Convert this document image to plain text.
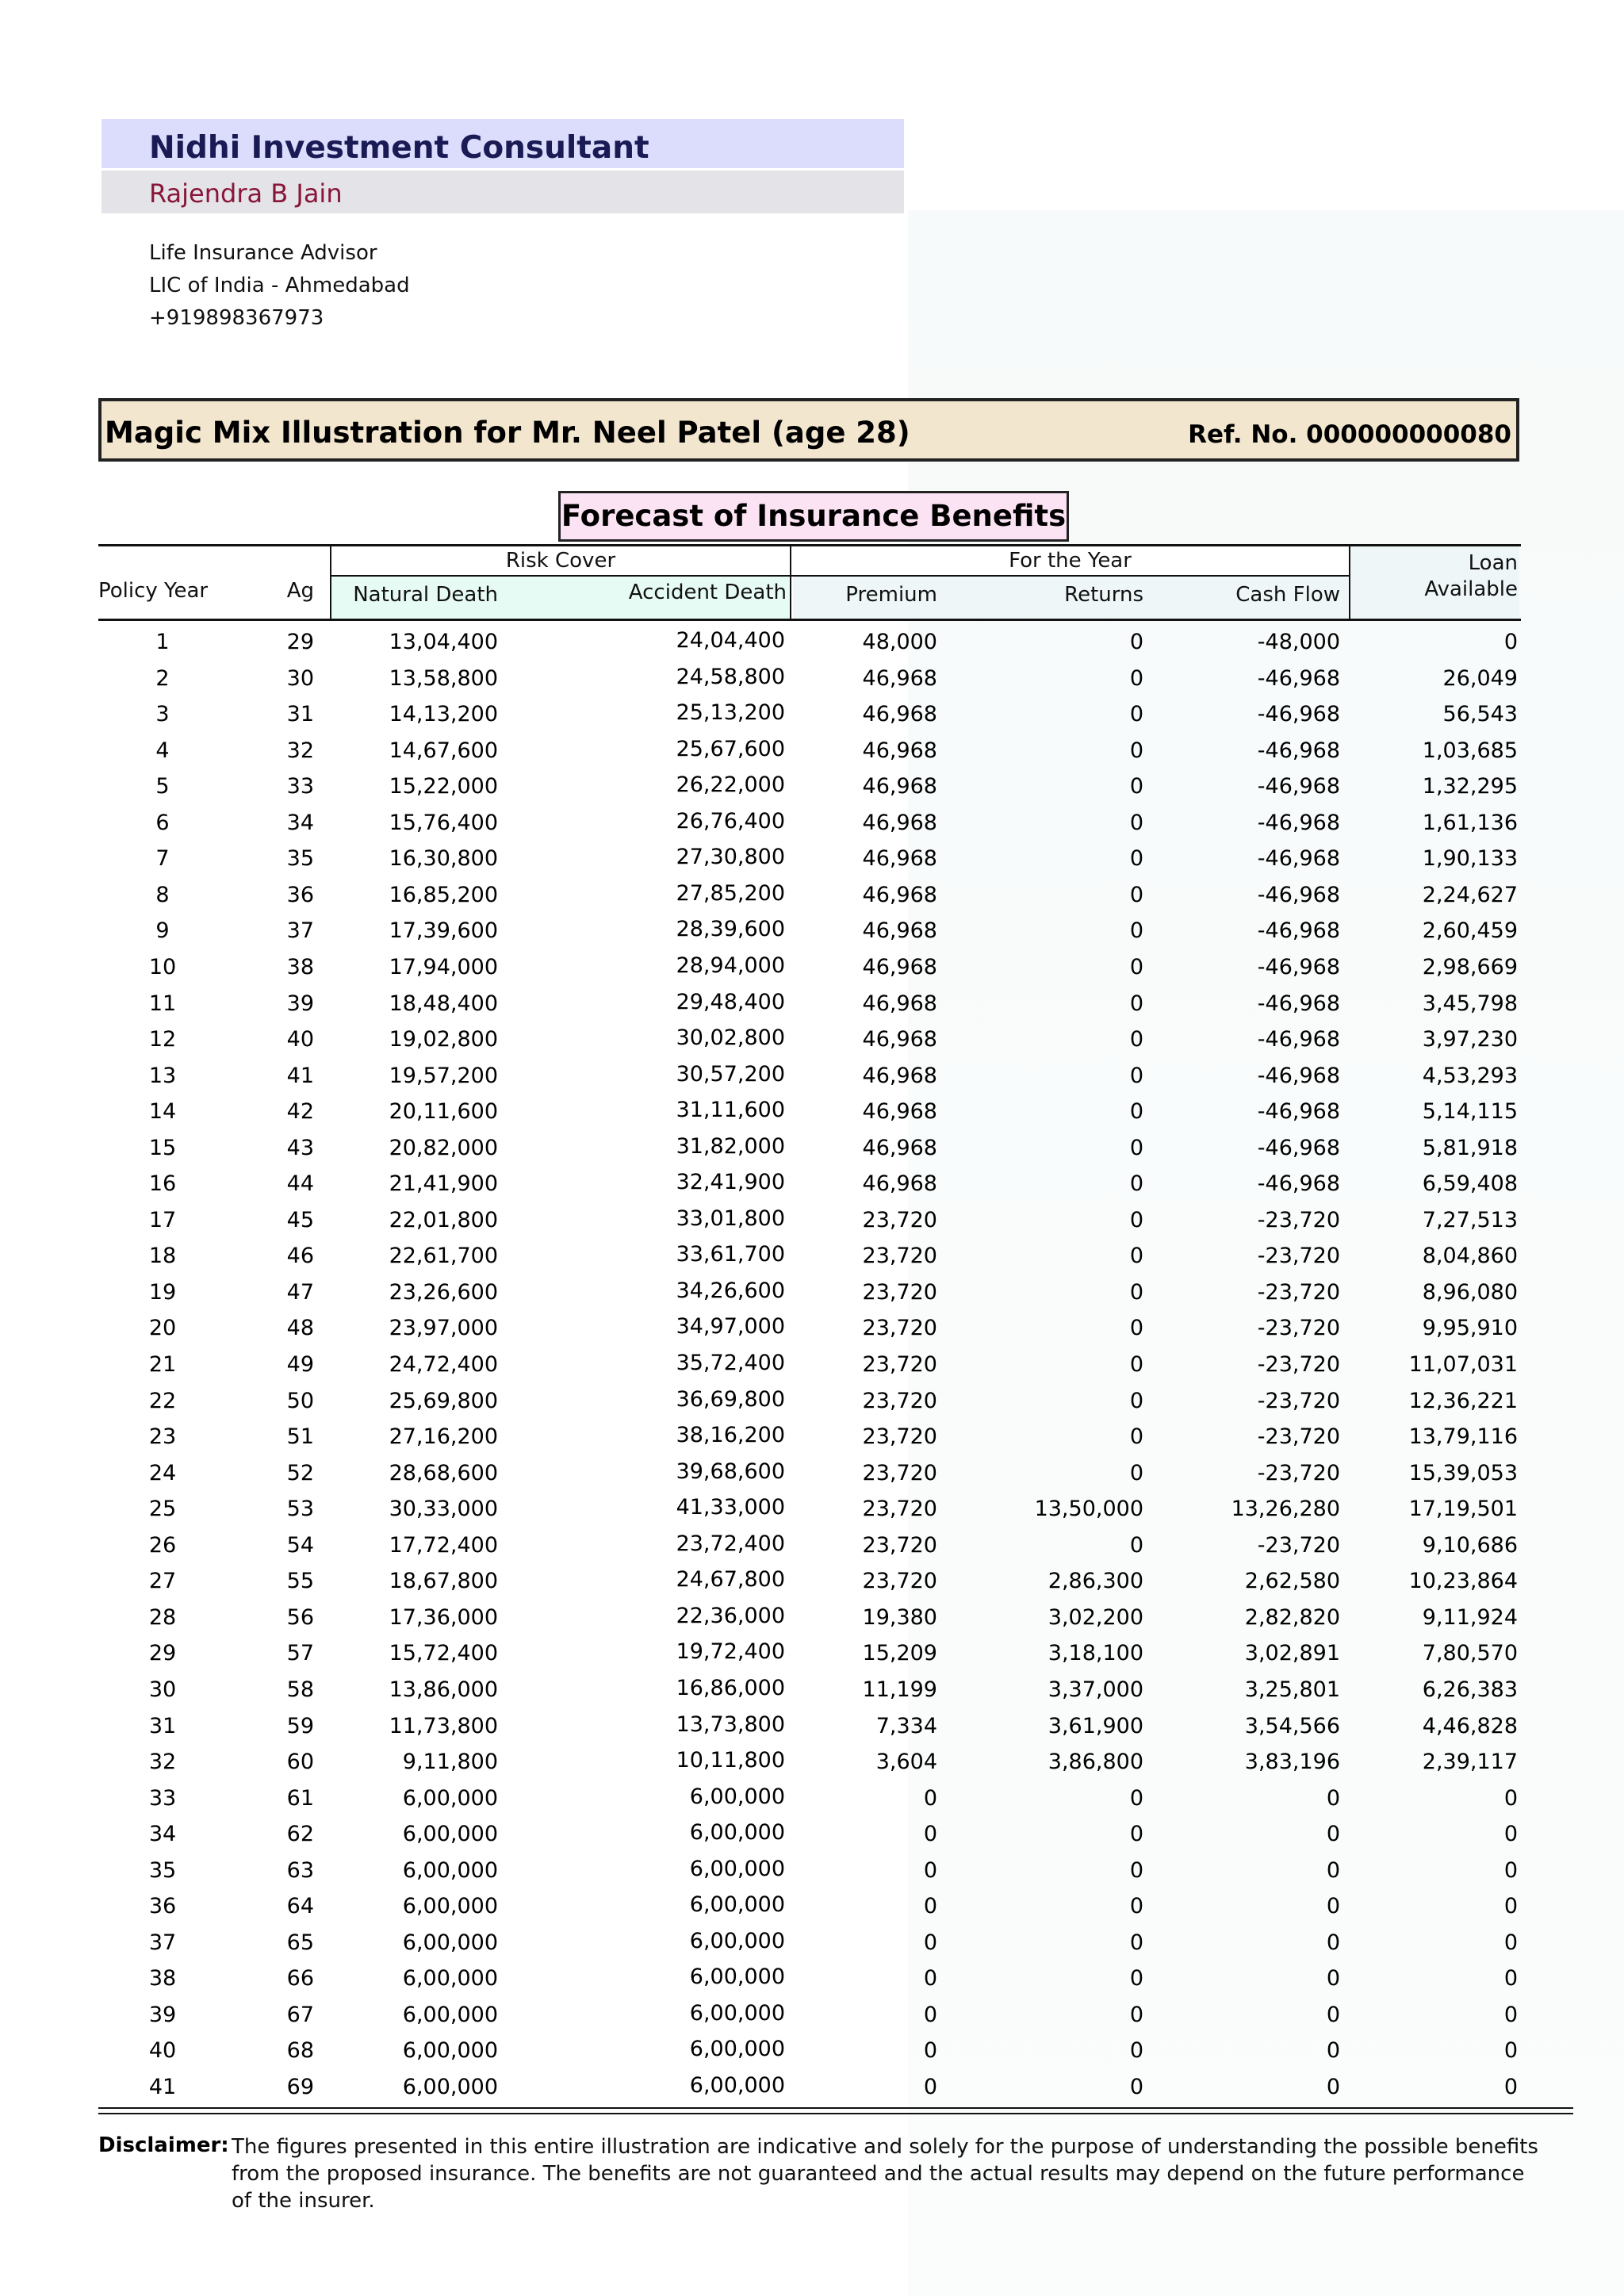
Nidhi Investment Consultant
Rajendra B Jain
Life Insurance Advisor
LIC of India - Ahmedabad
+919898367973
Magic Mix Illustration for Mr. Neel Patel (age 28)	Ref. No. 000000000080
Forecast of Insurance Benefits
Risk Cover	For the Year	Loan
Available
Policy Year	Ag	Natural Death	Accident Death	Premium	Returns	Cash Flow
1	29	13,04,400	24,04,400	48,000	0	-48,000	0
2	30	13,58,800	24,58,800	46,968	0	-46,968	26,049
3	31	14,13,200	25,13,200	46,968	0	-46,968	56,543
4	32	14,67,600	25,67,600	46,968	0	-46,968	1,03,685
5	33	15,22,000	26,22,000	46,968	0	-46,968	1,32,295
6	34	15,76,400	26,76,400	46,968	0	-46,968	1,61,136
7	35	16,30,800	27,30,800	46,968	0	-46,968	1,90,133
8	36	16,85,200	27,85,200	46,968	0	-46,968	2,24,627
9	37	17,39,600	28,39,600	46,968	0	-46,968	2,60,459
10	38	17,94,000	28,94,000	46,968	0	-46,968	2,98,669
11	39	18,48,400	29,48,400	46,968	0	-46,968	3,45,798
12	40	19,02,800	30,02,800	46,968	0	-46,968	3,97,230
13	41	19,57,200	30,57,200	46,968	0	-46,968	4,53,293
14	42	20,11,600	31,11,600	46,968	0	-46,968	5,14,115
15	43	20,82,000	31,82,000	46,968	0	-46,968	5,81,918
16	44	21,41,900	32,41,900	46,968	0	-46,968	6,59,408
17	45	22,01,800	33,01,800	23,720	0	-23,720	7,27,513
18	46	22,61,700	33,61,700	23,720	0	-23,720	8,04,860
19	47	23,26,600	34,26,600	23,720	0	-23,720	8,96,080
20	48	23,97,000	34,97,000	23,720	0	-23,720	9,95,910
21	49	24,72,400	35,72,400	23,720	0	-23,720	11,07,031
22	50	25,69,800	36,69,800	23,720	0	-23,720	12,36,221
23	51	27,16,200	38,16,200	23,720	0	-23,720	13,79,116
24	52	28,68,600	39,68,600	23,720	0	-23,720	15,39,053
25	53	30,33,000	41,33,000	23,720	13,50,000	13,26,280	17,19,501
26	54	17,72,400	23,72,400	23,720	0	-23,720	9,10,686
27	55	18,67,800	24,67,800	23,720	2,86,300	2,62,580	10,23,864
28	56	17,36,000	22,36,000	19,380	3,02,200	2,82,820	9,11,924
29	57	15,72,400	19,72,400	15,209	3,18,100	3,02,891	7,80,570
30	58	13,86,000	16,86,000	11,199	3,37,000	3,25,801	6,26,383
31	59	11,73,800	13,73,800	7,334	3,61,900	3,54,566	4,46,828
32	60	9,11,800	10,11,800	3,604	3,86,800	3,83,196	2,39,117
33	61	6,00,000	6,00,000	0	0	0	0
34	62	6,00,000	6,00,000	0	0	0	0
35	63	6,00,000	6,00,000	0	0	0	0
36	64	6,00,000	6,00,000	0	0	0	0
37	65	6,00,000	6,00,000	0	0	0	0
38	66	6,00,000	6,00,000	0	0	0	0
39	67	6,00,000	6,00,000	0	0	0	0
40	68	6,00,000	6,00,000	0	0	0	0
41	69	6,00,000	6,00,000	0	0	0	0
Disclaimer: The figures presented in this entire illustration are indicative and solely for the purpose of understanding the possible benefits from the proposed insurance. The benefits are not guaranteed and the actual results may depend on the future performance of the insurer.
